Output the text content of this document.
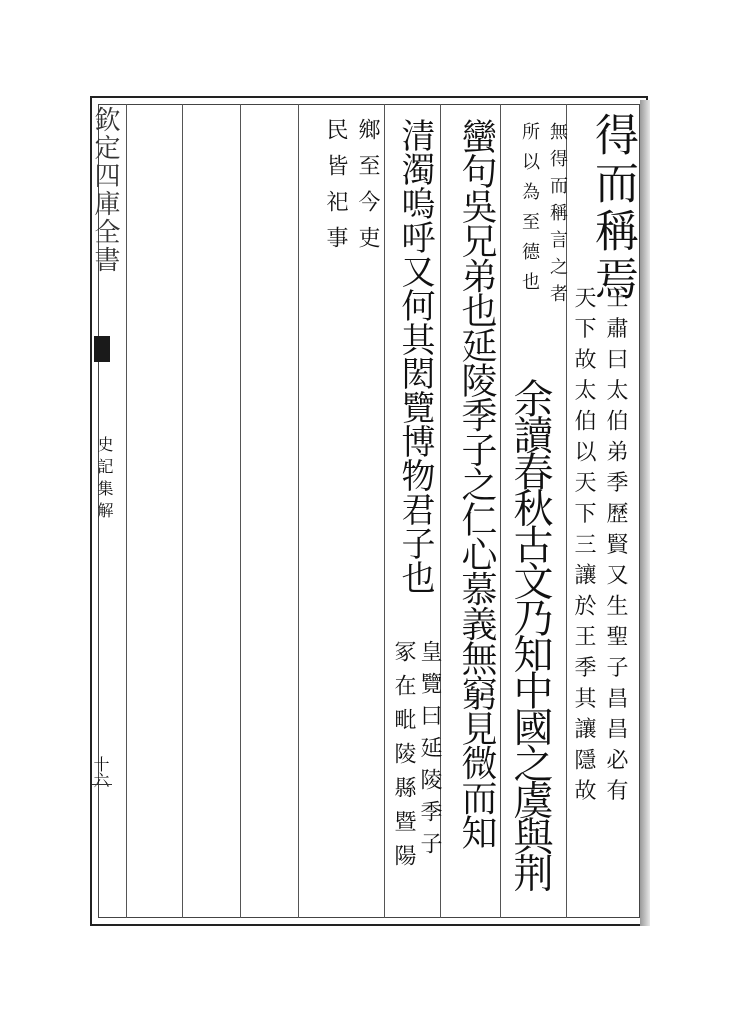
欽定四庫全書
史記集解
十六
得而稱焉
王肅曰太伯弟季歷賢又生聖子昌昌必有
天下故太伯以天下三讓於王季其讓隱故
無得而稱言之者
余讀春秋古文乃知中國之虞與荆
所以為至德也
蠻句吳兄弟也延陵季子之仁心慕義無窮見微而知
清濁嗚呼又何其閎覽博物君子也
皇覽曰延陵季子
冢在毗陵縣暨陽
鄉至今吏
民皆祀事
